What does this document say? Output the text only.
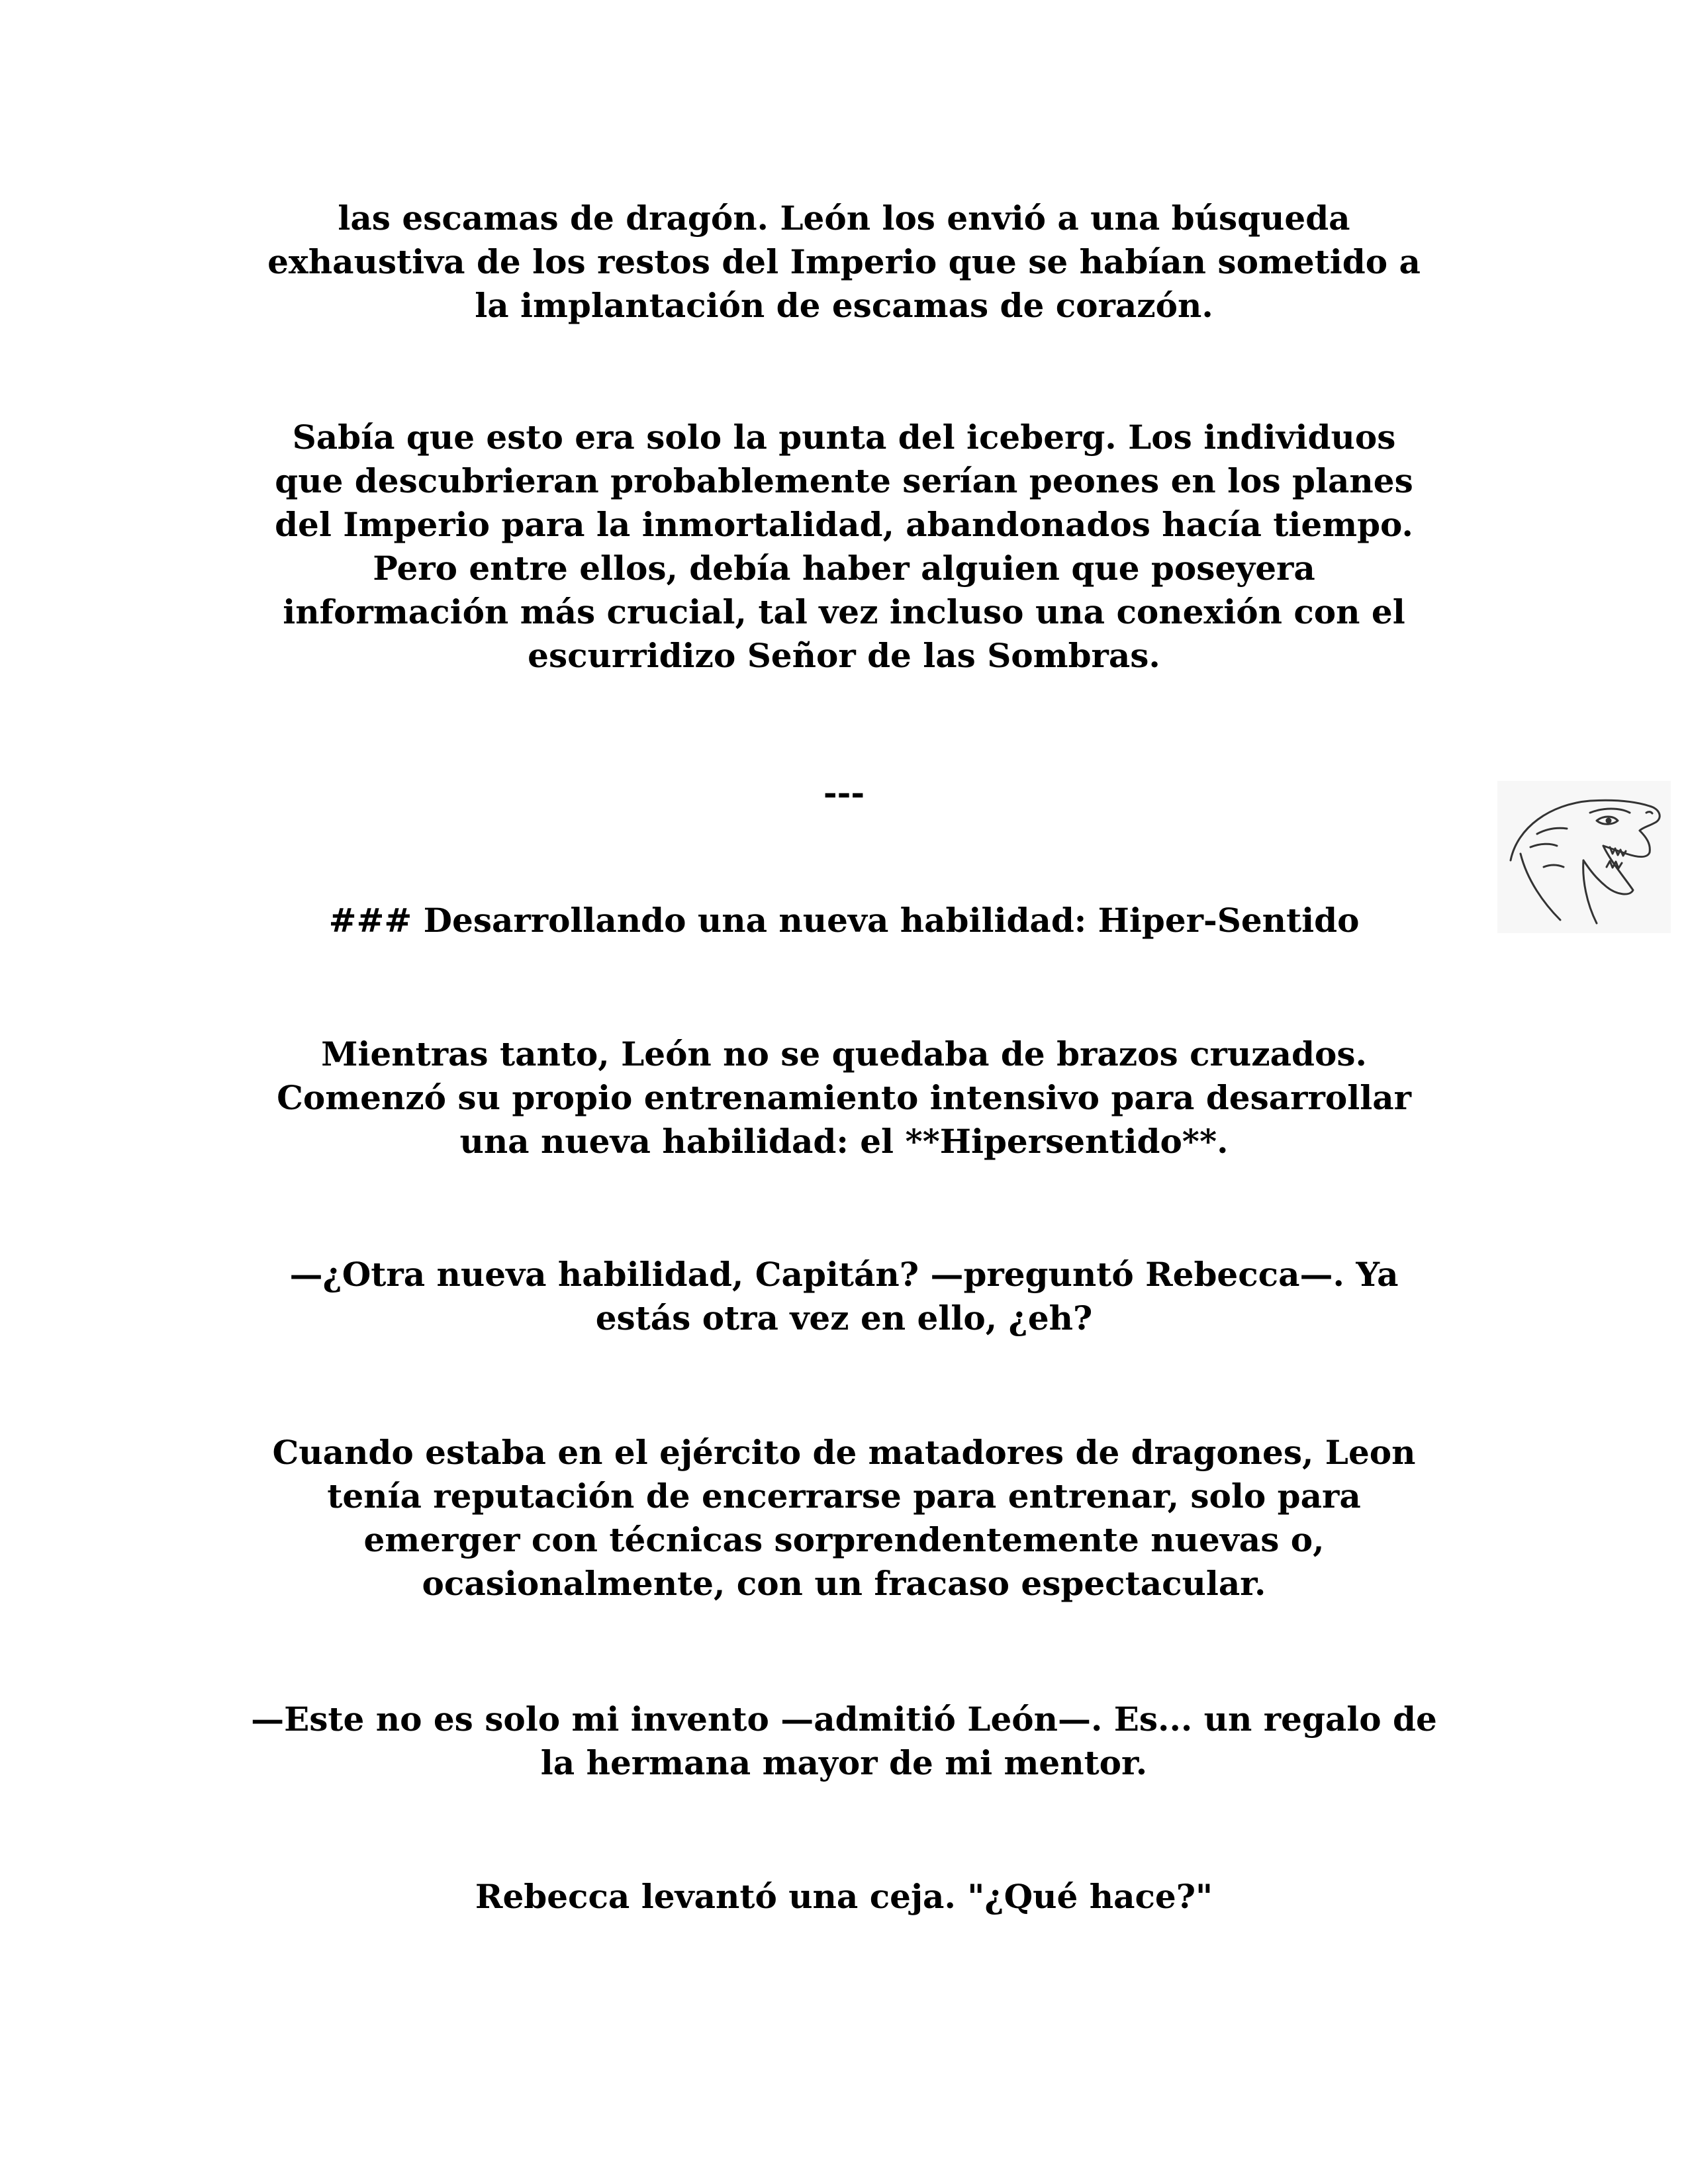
las escamas de dragón. León los envió a una búsqueda
exhaustiva de los restos del Imperio que se habían sometido a
la implantación de escamas de corazón.
Sabía que esto era solo la punta del iceberg. Los individuos
que descubrieran probablemente serían peones en los planes
del Imperio para la inmortalidad, abandonados hacía tiempo.
Pero entre ellos, debía haber alguien que poseyera
información más crucial, tal vez incluso una conexión con el
escurridizo Señor de las Sombras.
---
### Desarrollando una nueva habilidad: Hiper-Sentido
Mientras tanto, León no se quedaba de brazos cruzados.
Comenzó su propio entrenamiento intensivo para desarrollar
una nueva habilidad: el **Hipersentido**.
—¿Otra nueva habilidad, Capitán? —preguntó Rebecca—. Ya
estás otra vez en ello, ¿eh?
Cuando estaba en el ejército de matadores de dragones, Leon
tenía reputación de encerrarse para entrenar, solo para
emerger con técnicas sorprendentemente nuevas o,
ocasionalmente, con un fracaso espectacular.
—Este no es solo mi invento —admitió León—. Es... un regalo de
la hermana mayor de mi mentor.
Rebecca levantó una ceja. "¿Qué hace?"
